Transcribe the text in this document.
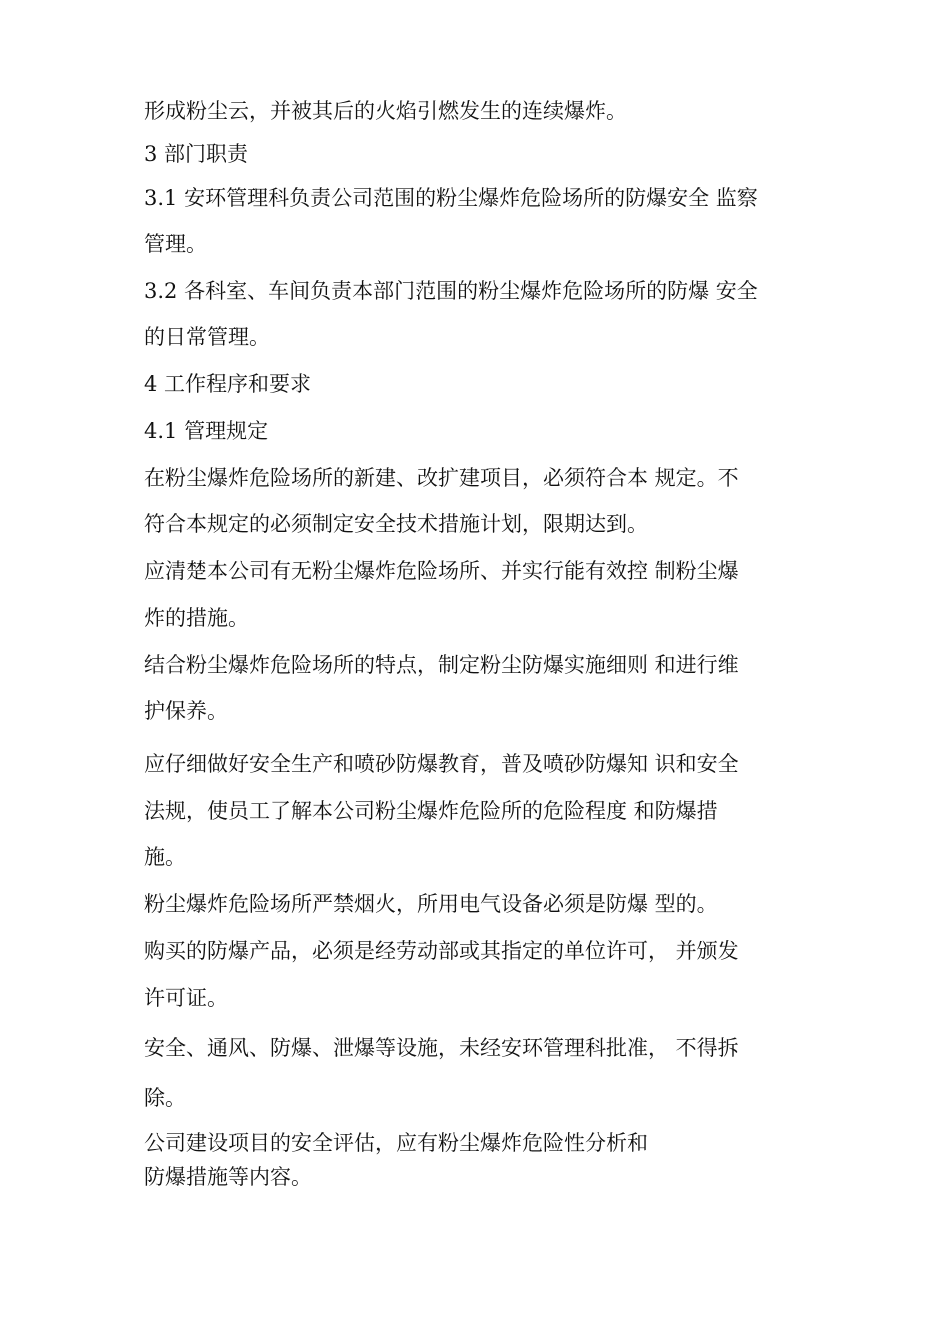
形成粉尘云，并被其后的火焰引燃发生的连续爆炸。
3 部门职责
3.1 安环管理科负责公司范围的粉尘爆炸危险场所的防爆安全 监察
管理。
3.2 各科室、车间负责本部门范围的粉尘爆炸危险场所的防爆 安全
的日常管理。
4 工作程序和要求
4.1 管理规定
在粉尘爆炸危险场所的新建、改扩建项目，必须符合本 规定。不
符合本规定的必须制定安全技术措施计划，限期达到。
应清楚本公司有无粉尘爆炸危险场所、并实行能有效控 制粉尘爆
炸的措施。
结合粉尘爆炸危险场所的特点，制定粉尘防爆实施细则 和进行维
护保养。
应仔细做好安全生产和喷砂防爆教育，普及喷砂防爆知 识和安全
法规，使员工了解本公司粉尘爆炸危险所的危险程度 和防爆措
施。
粉尘爆炸危险场所严禁烟火，所用电气设备必须是防爆 型的。
购买的防爆产品，必须是经劳动部或其指定的单位许可， 并颁发
许可证。
安全、通风、防爆、泄爆等设施，未经安环管理科批准， 不得拆
除。
公司建设项目的安全评估，应有粉尘爆炸危险性分析和
防爆措施等内容。
